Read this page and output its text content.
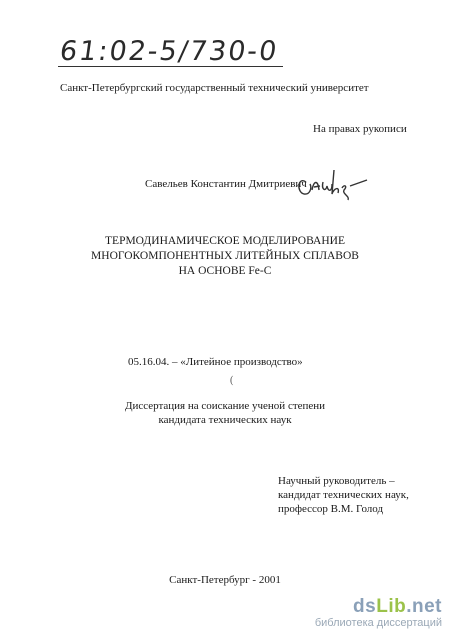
61:02-5/730-0
Санкт-Петербургский государственный технический университет
На правах рукописи
Савельев Константин Дмитриевич
ТЕРМОДИНАМИЧЕСКОЕ МОДЕЛИРОВАНИЕ
МНОГОКОМПОНЕНТНЫХ ЛИТЕЙНЫХ СПЛАВОВ
НА ОСНОВЕ Fe-C
05.16.04. – «Литейное производство»
(
Диссертация на соискание ученой степени
кандидата технических наук
Научный руководитель –
кандидат технических наук,
профессор В.М. Голод
Санкт-Петербург - 2001
dsLib.net
библиотека диссертаций
